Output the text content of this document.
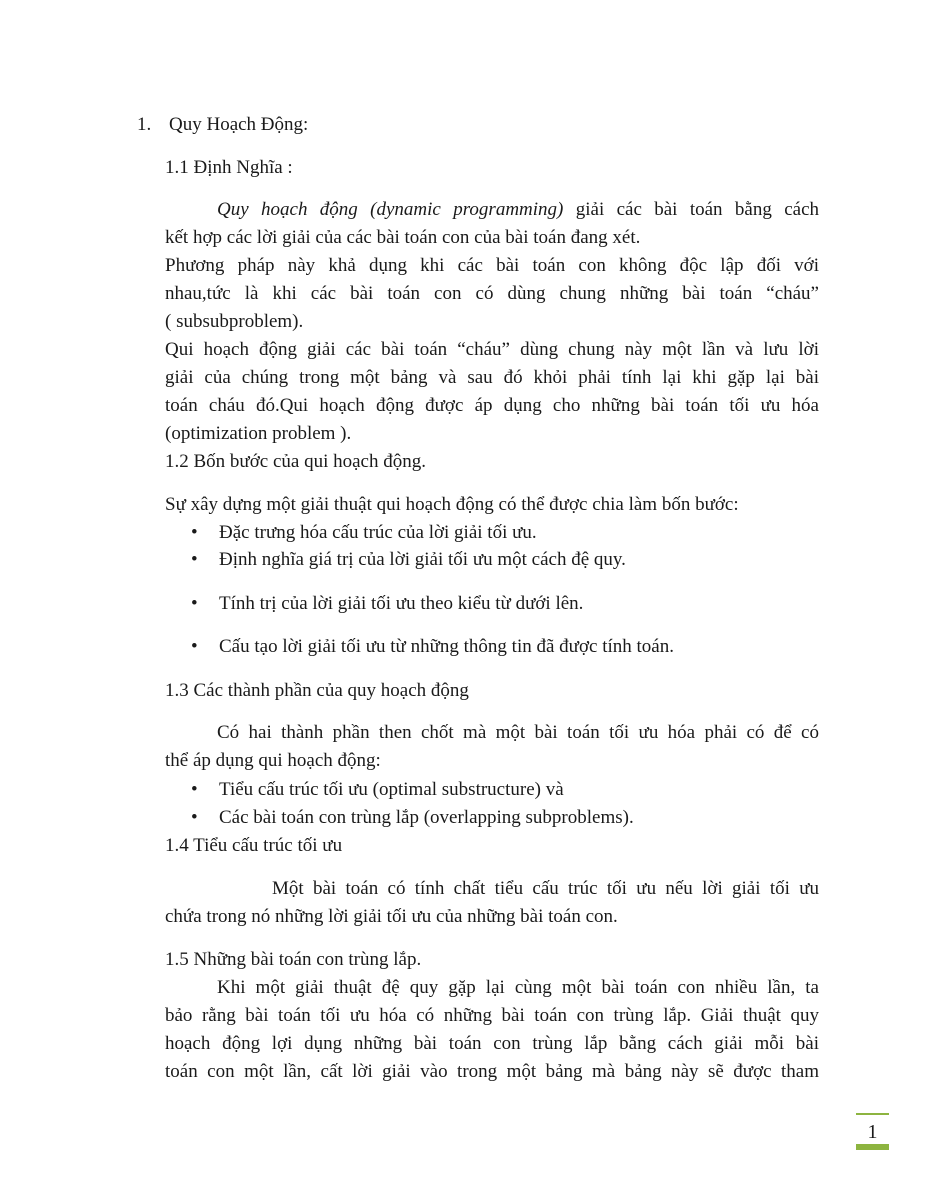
1. Quy Hoạch Động:
1.1 Định Nghĩa :
Quy hoạch động (dynamic programming) giải các bài toán bằng cách
kết hợp các lời giải của các bài toán con của bài toán đang xét.
Phương pháp này khả dụng khi các bài toán con không độc lập đối với
nhau,tức là khi các bài toán con có dùng chung những bài toán “cháu”
( subsubproblem).
Qui hoạch động giải các bài toán “cháu” dùng chung này một lần và lưu lời
giải của chúng trong một bảng và sau đó khỏi phải tính lại khi gặp lại bài
toán cháu đó.Qui hoạch động được áp dụng cho những bài toán tối ưu hóa
(optimization problem ).
1.2 Bốn bước của qui hoạch động.
Sự xây dựng một giải thuật qui hoạch động có thể được chia làm bốn bước:
• Đặc trưng hóa cấu trúc của lời giải tối ưu.
• Định nghĩa giá trị của lời giải tối ưu một cách đệ quy.
• Tính trị của lời giải tối ưu theo kiểu từ dưới lên.
• Cấu tạo lời giải tối ưu từ những thông tin đã được tính toán.
1.3 Các thành phần của quy hoạch động
Có hai thành phần then chốt mà một bài toán tối ưu hóa phải có để có
thể áp dụng qui hoạch động:
• Tiểu cấu trúc tối ưu (optimal substructure) và
• Các bài toán con trùng lắp (overlapping subproblems).
1.4 Tiểu cấu trúc tối ưu
Một bài toán có tính chất tiểu cấu trúc tối ưu nếu lời giải tối ưu
chứa trong nó những lời giải tối ưu của những bài toán con.
1.5 Những bài toán con trùng lắp.
Khi một giải thuật đệ quy gặp lại cùng một bài toán con nhiều lần, ta
bảo rằng bài toán tối ưu hóa có những bài toán con trùng lắp. Giải thuật quy
hoạch động lợi dụng những bài toán con trùng lắp bằng cách giải mỗi bài
toán con một lần, cất lời giải vào trong một bảng mà bảng này sẽ được tham
1
